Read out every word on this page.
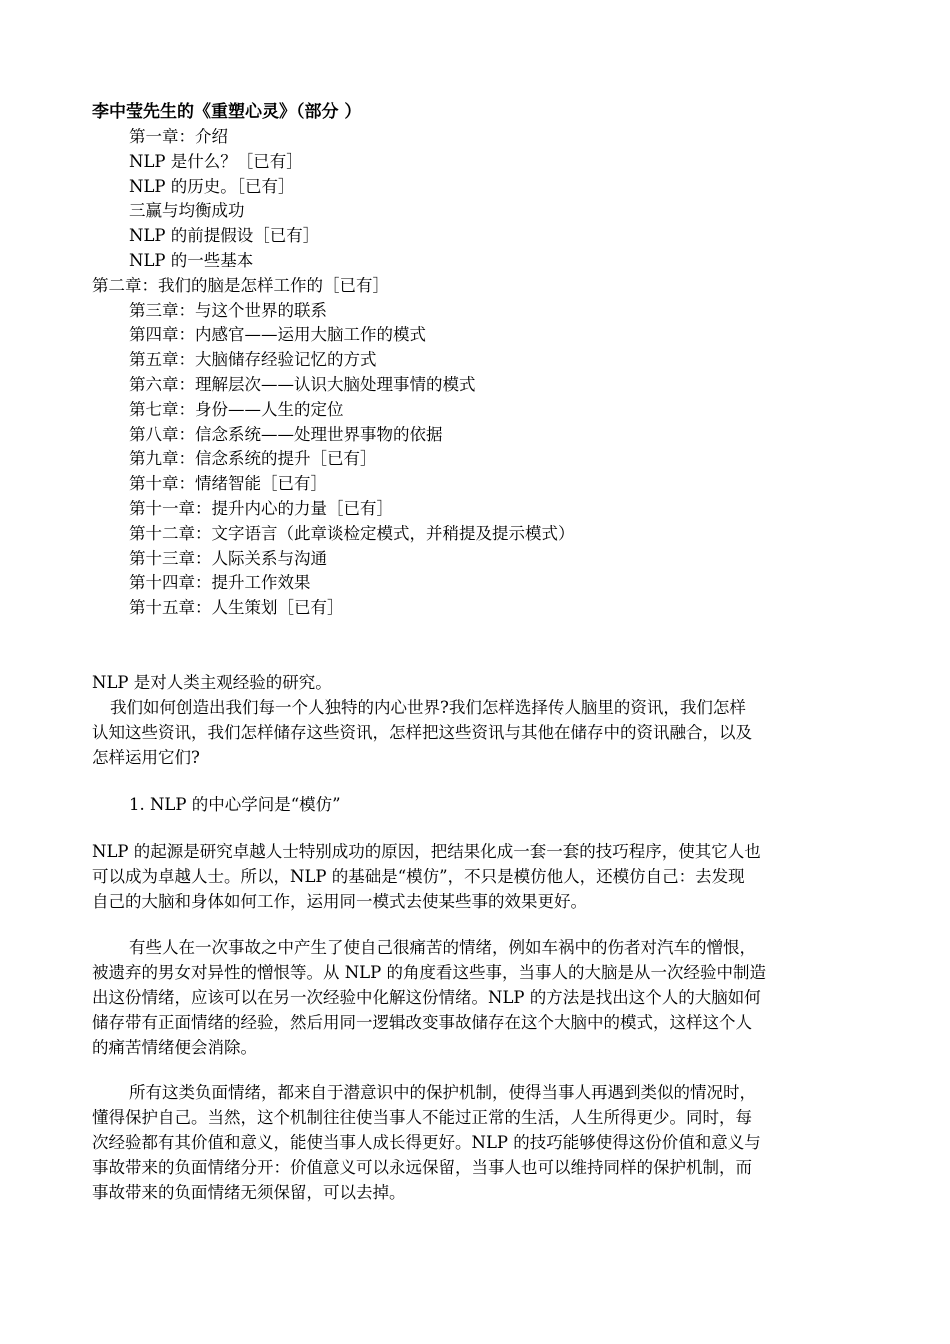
李中莹先生的《重塑心灵》（部分 ）
第一章：介绍
NLP 是什么？［已有］
NLP 的历史。［已有］
三赢与均衡成功
NLP 的前提假设［已有］
NLP 的一些基本
第二章：我们的脑是怎样工作的［已有］
第三章：与这个世界的联系
第四章：内感官——运用大脑工作的模式
第五章：大脑储存经验记忆的方式
第六章：理解层次——认识大脑处理事情的模式
第七章：身份——人生的定位
第八章：信念系统——处理世界事物的依据
第九章：信念系统的提升［已有］
第十章：情绪智能［已有］
第十一章：提升内心的力量［已有］
第十二章：文字语言（此章谈检定模式，并稍提及提示模式）
第十三章：人际关系与沟通
第十四章：提升工作效果
第十五章：人生策划［已有］
NLP 是对人类主观经验的研究。
我们如何创造出我们每一个人独特的内心世界?我们怎样选择传人脑里的资讯，我们怎样
认知这些资讯，我们怎样储存这些资讯，怎样把这些资讯与其他在储存中的资讯融合，以及
怎样运用它们?
1. NLP 的中心学问是“模仿”
NLP 的起源是研究卓越人士特别成功的原因，把结果化成一套一套的技巧程序，使其它人也
可以成为卓越人士。所以，NLP 的基础是“模仿”，不只是模仿他人，还模仿自己：去发现
自己的大脑和身体如何工作，运用同一模式去使某些事的效果更好。
有些人在一次事故之中产生了使自己很痛苦的情绪，例如车祸中的伤者对汽车的憎恨，
被遗弃的男女对异性的憎恨等。从 NLP 的角度看这些事，当事人的大脑是从一次经验中制造
出这份情绪，应该可以在另一次经验中化解这份情绪。NLP 的方法是找出这个人的大脑如何
储存带有正面情绪的经验，然后用同一逻辑改变事故储存在这个大脑中的模式，这样这个人
的痛苦情绪便会消除。
所有这类负面情绪，都来自于潜意识中的保护机制，使得当事人再遇到类似的情况时，
懂得保护自己。当然，这个机制往往使当事人不能过正常的生活，人生所得更少。同时，每
次经验都有其价值和意义，能使当事人成长得更好。NLP 的技巧能够使得这份价值和意义与
事故带来的负面情绪分开：价值意义可以永远保留，当事人也可以维持同样的保护机制，而
事故带来的负面情绪无须保留，可以去掉。
